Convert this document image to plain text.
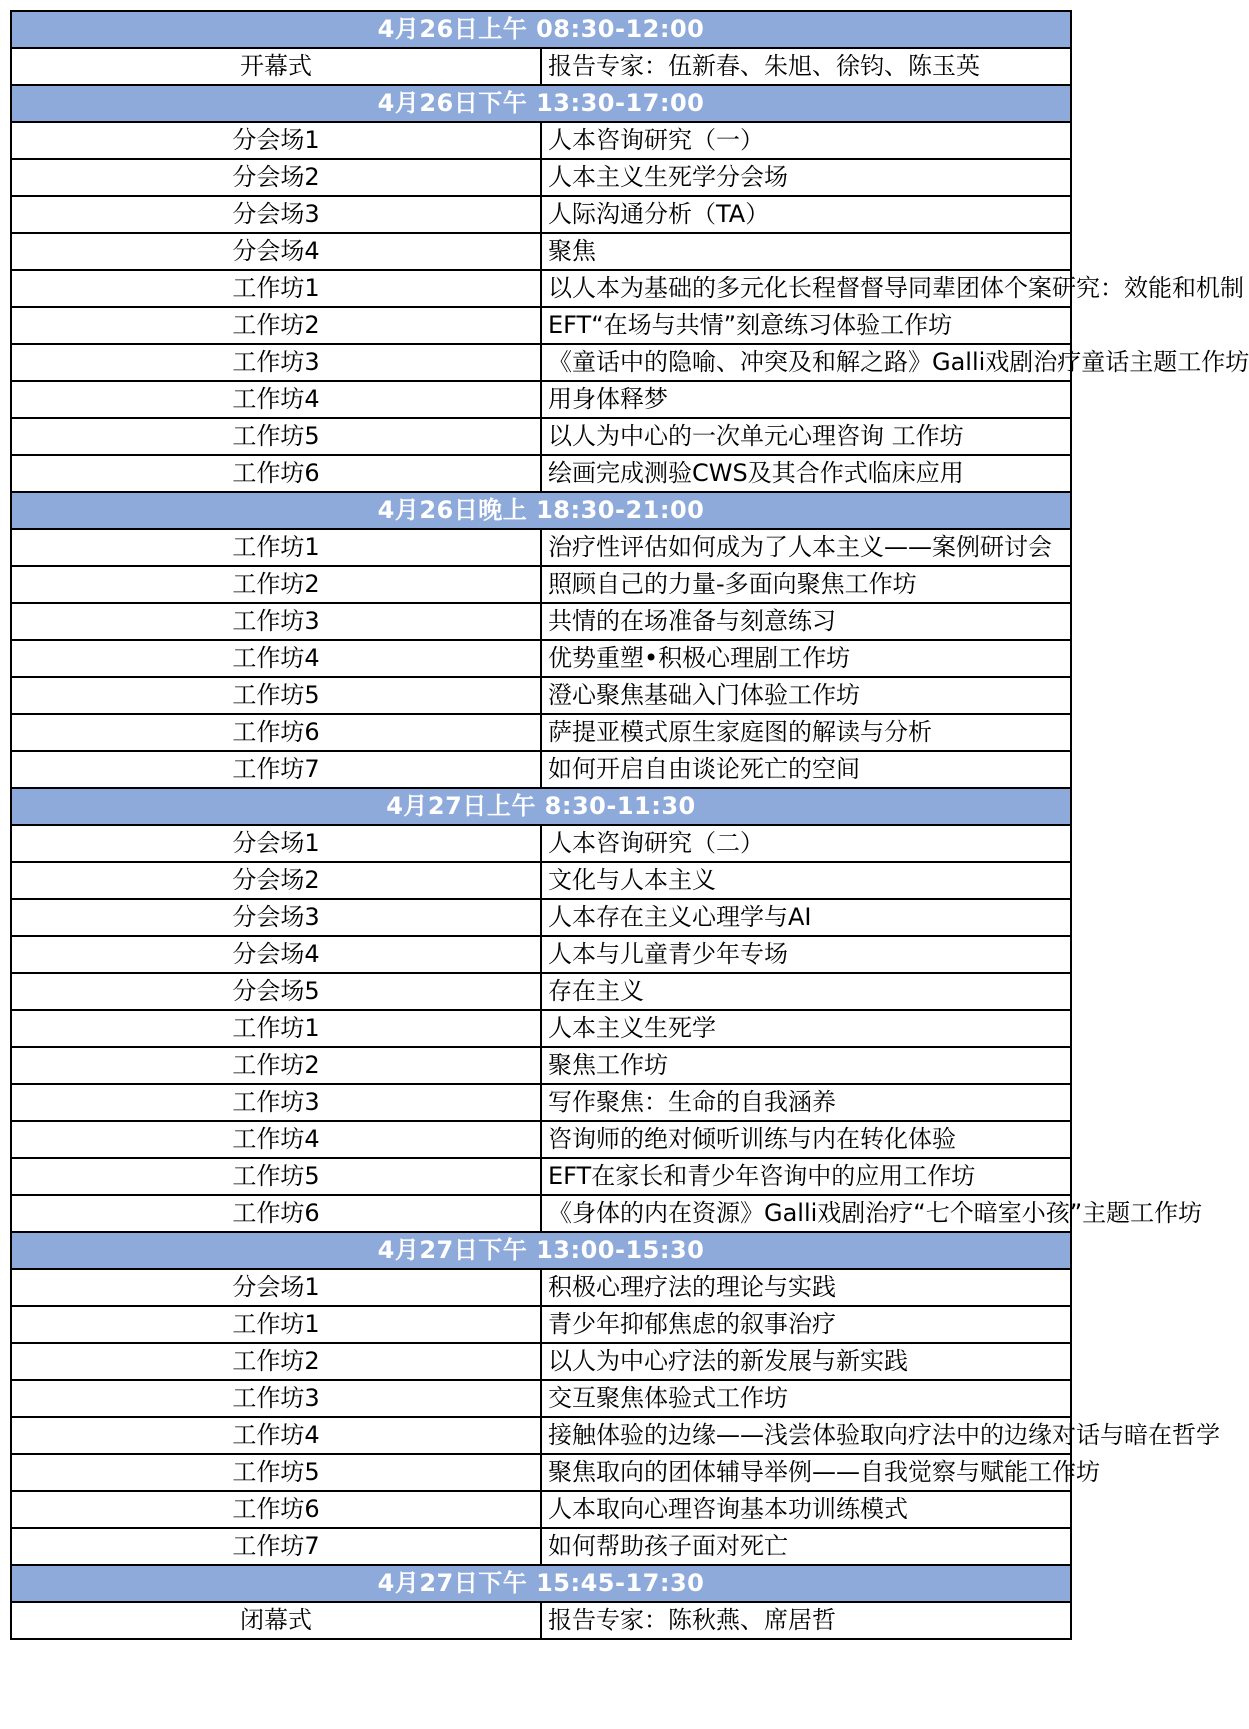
4月26日上午 08:30-12:00	
开幕式	报告专家：伍新春、朱旭、徐钧、陈玉英
4月26日下午 13:30-17:00	
分会场1	人本咨询研究（一）
分会场2	人本主义生死学分会场
分会场3	人际沟通分析（TA）
分会场4	聚焦
工作坊1	以人本为基础的多元化长程督督导同辈团体个案研究：效能和机制
工作坊2	EFT“在场与共情”刻意练习体验工作坊
工作坊3	《童话中的隐喻、冲突及和解之路》Galli戏剧治疗童话主题工作坊
工作坊4	用身体释梦
工作坊5	以人为中心的一次单元心理咨询 工作坊
工作坊6	绘画完成测验CWS及其合作式临床应用
4月26日晚上 18:30-21:00	
工作坊1	治疗性评估如何成为了人本主义——案例研讨会
工作坊2	照顾自己的力量-多面向聚焦工作坊
工作坊3	共情的在场准备与刻意练习
工作坊4	优势重塑•积极心理剧工作坊
工作坊5	澄心聚焦基础入门体验工作坊
工作坊6	萨提亚模式原生家庭图的解读与分析
工作坊7	如何开启自由谈论死亡的空间
4月27日上午 8:30-11:30	
分会场1	人本咨询研究（二）
分会场2	文化与人本主义
分会场3	人本存在主义心理学与AI
分会场4	人本与儿童青少年专场
分会场5	存在主义
工作坊1	人本主义生死学
工作坊2	聚焦工作坊
工作坊3	写作聚焦：生命的自我涵养
工作坊4	咨询师的绝对倾听训练与内在转化体验
工作坊5	EFT在家长和青少年咨询中的应用工作坊
工作坊6	《身体的内在资源》Galli戏剧治疗“七个暗室小孩”主题工作坊
4月27日下午 13:00-15:30	
分会场1	积极心理疗法的理论与实践
工作坊1	青少年抑郁焦虑的叙事治疗
工作坊2	以人为中心疗法的新发展与新实践
工作坊3	交互聚焦体验式工作坊
工作坊4	接触体验的边缘——浅尝体验取向疗法中的边缘对话与暗在哲学
工作坊5	聚焦取向的团体辅导举例——自我觉察与赋能工作坊
工作坊6	人本取向心理咨询基本功训练模式
工作坊7	如何帮助孩子面对死亡
4月27日下午 15:45-17:30	
闭幕式	报告专家：陈秋燕、席居哲
